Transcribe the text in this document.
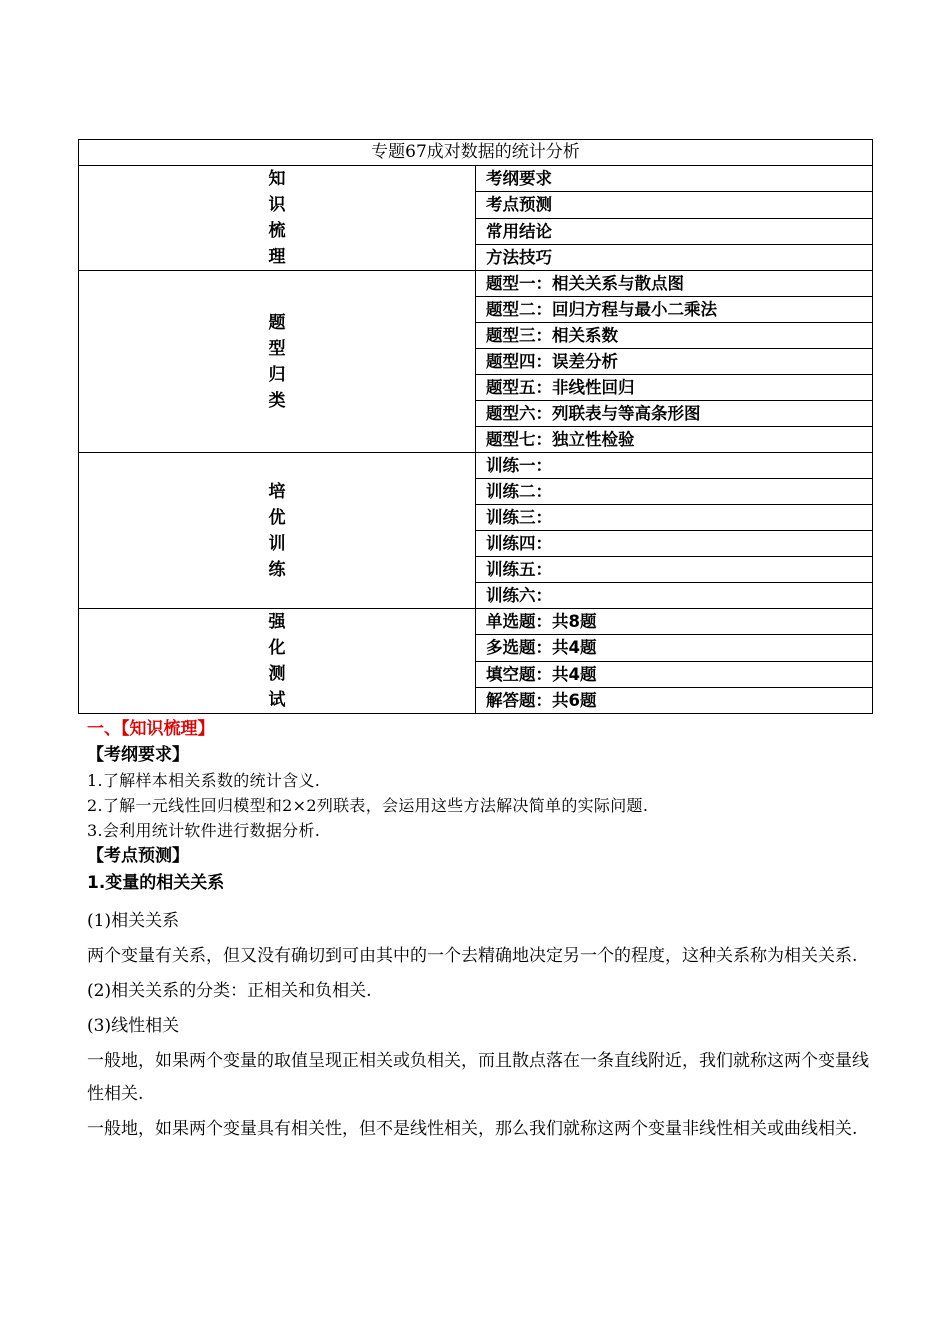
专题67成对数据的统计分析	

知
识
梳
理	考纲要求
	考点预测
	常用结论
	方法技巧

题
型
归
类	题型一：相关关系与散点图
	题型二：回归方程与最小二乘法
	题型三：相关系数
	题型四：误差分析
	题型五：非线性回归
	题型六：列联表与等高条形图
	题型七：独立性检验

培
优
训
练	训练一：
	训练二：
	训练三：
	训练四：
	训练五：
	训练六：

强
化
测
试	单选题：共8题
	多选题：共4题
	填空题：共4题
	解答题：共6题
一、【知识梳理】
【考纲要求】
1.了解样本相关系数的统计含义.
2.了解一元线性回归模型和2×2列联表，会运用这些方法解决简单的实际问题.
3.会利用统计软件进行数据分析.
【考点预测】
1.变量的相关关系

(1)相关关系

两个变量有关系，但又没有确切到可由其中的一个去精确地决定另一个的程度，这种关系称为相关关系.

(2)相关关系的分类：正相关和负相关.

(3)线性相关

一般地，如果两个变量的取值呈现正相关或负相关，而且散点落在一条直线附近，我们就称这两个变量线性相关.

一般地，如果两个变量具有相关性，但不是线性相关，那么我们就称这两个变量非线性相关或曲线相关.
